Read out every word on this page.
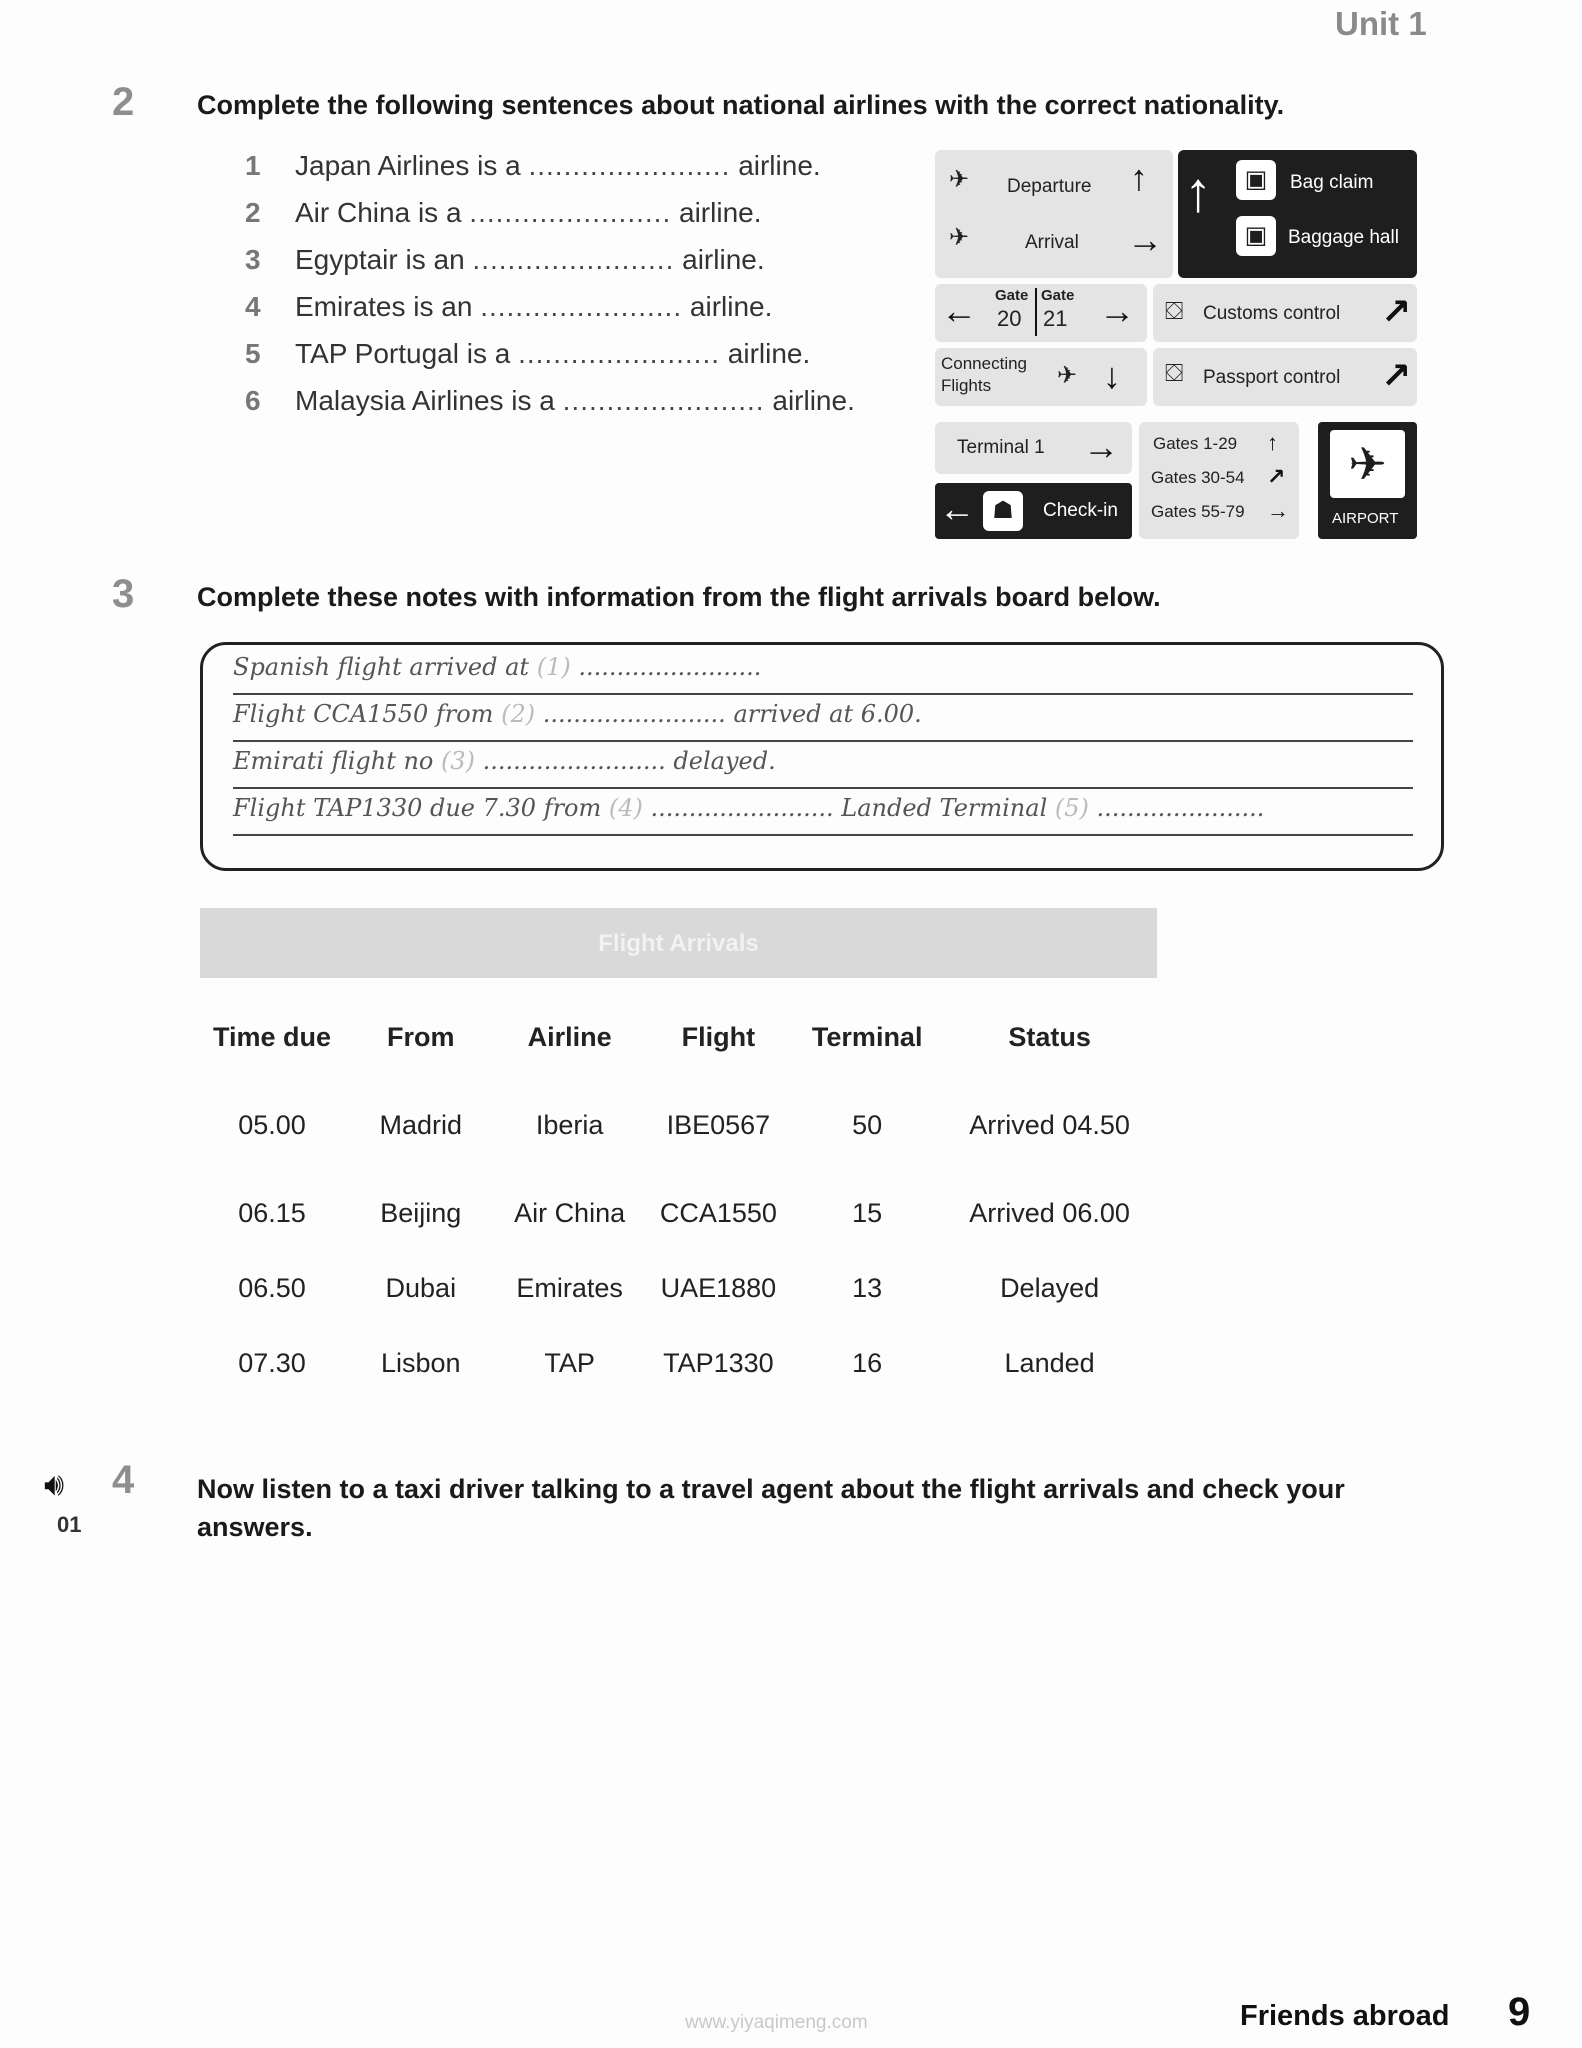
Unit 1
2 Complete the following sentences about national airlines with the correct nationality.
1	Japan Airlines is a
.......................
airline.
2	Air China is a
.......................
airline.
3	Egyptair is an
.......................
airline.
4	Emirates is an
.......................
airline.
5	TAP Portugal is a
.......................
airline.
6	Malaysia Airlines is a
.......................
airline.
✈ Departure ↑
✈	Arrival →
↑	▣	Bag claim
▣	Baggage hall
← Gate
20
Gate
21 → ⛋ Customs control ↗
Connecting
Flights	✈ ↓ ⛋ Passport control ↗
Terminal 1 →
← ☗	Check-in
Gates 1-29 ↑
Gates 30-54 ↗
Gates 55-79 →
✈
AIRPORT
3 Complete these notes with information from the flight arrivals board below.
Spanish flight arrived at (1) ........................
Flight CCA1550 from (2) ........................ arrived at 6.00.
Emirati flight no (3) ........................ delayed.
Flight TAP1330 due 7.30 from (4) ........................ Landed Terminal (5) ......................
Flight Arrivals
Time due	From	Airline	Flight	Terminal	Status
05.00	Madrid	Iberia	IBE0567	50	Arrived 04.50
06.15	Beijing	Air China	CCA1550	15	Arrived 06.00
06.50	Dubai	Emirates	UAE1880	13	Delayed
07.30	Lisbon	TAP	TAP1330	16	Landed
🔊︎
01
4 Now listen to a taxi driver talking to a travel agent about the flight arrivals and check your answers.
www.yiyaqimeng.com	Friends abroad 9
